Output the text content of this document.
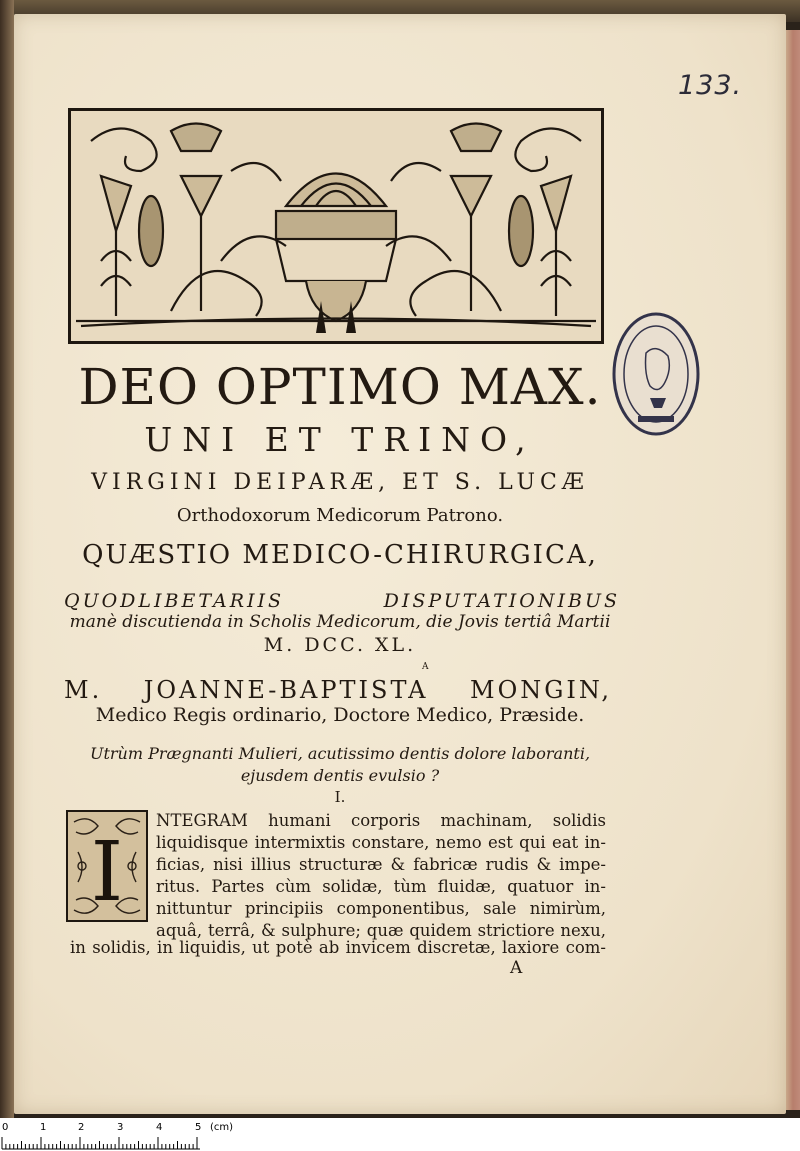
133.
DEO OPTIMO MAX.
UNI ET TRINO,
VIRGINI DEIPARÆ, ET S. LUCÆ
Orthodoxorum Medicorum Patrono.
QUÆSTIO MEDICO-CHIRURGICA,
QUODLIBETARIIS DISPUTATIONIBUS
manè discutienda in Scholis Medicorum, die Jovis tertiâ Martii
M. DCC. XL.
A
M. JOANNE-BAPTISTA MONGIN,
Medico Regis ordinario, Doctore Medico, Præside.
Utrùm Prægnanti Mulieri, acutissimo dentis dolore laboranti,
ejusdem dentis evulsio ?
I.
I
NTEGRAM humani corporis machinam, solidis
liquidisque intermixtis constare, nemo est qui eat in-
ficias, nisi illius structuræ & fabricæ rudis & impe-
ritus. Partes cùm solidæ, tùm fluidæ, quatuor in-
nittuntur principiis componentibus, sale nimirùm,
aquâ, terrâ, & sulphure; quæ quidem strictiore nexu,
in solidis, in liquidis, ut potè ab invicem discretæ, laxiore com-
A
0	1	2	3	4	5 (cm)
